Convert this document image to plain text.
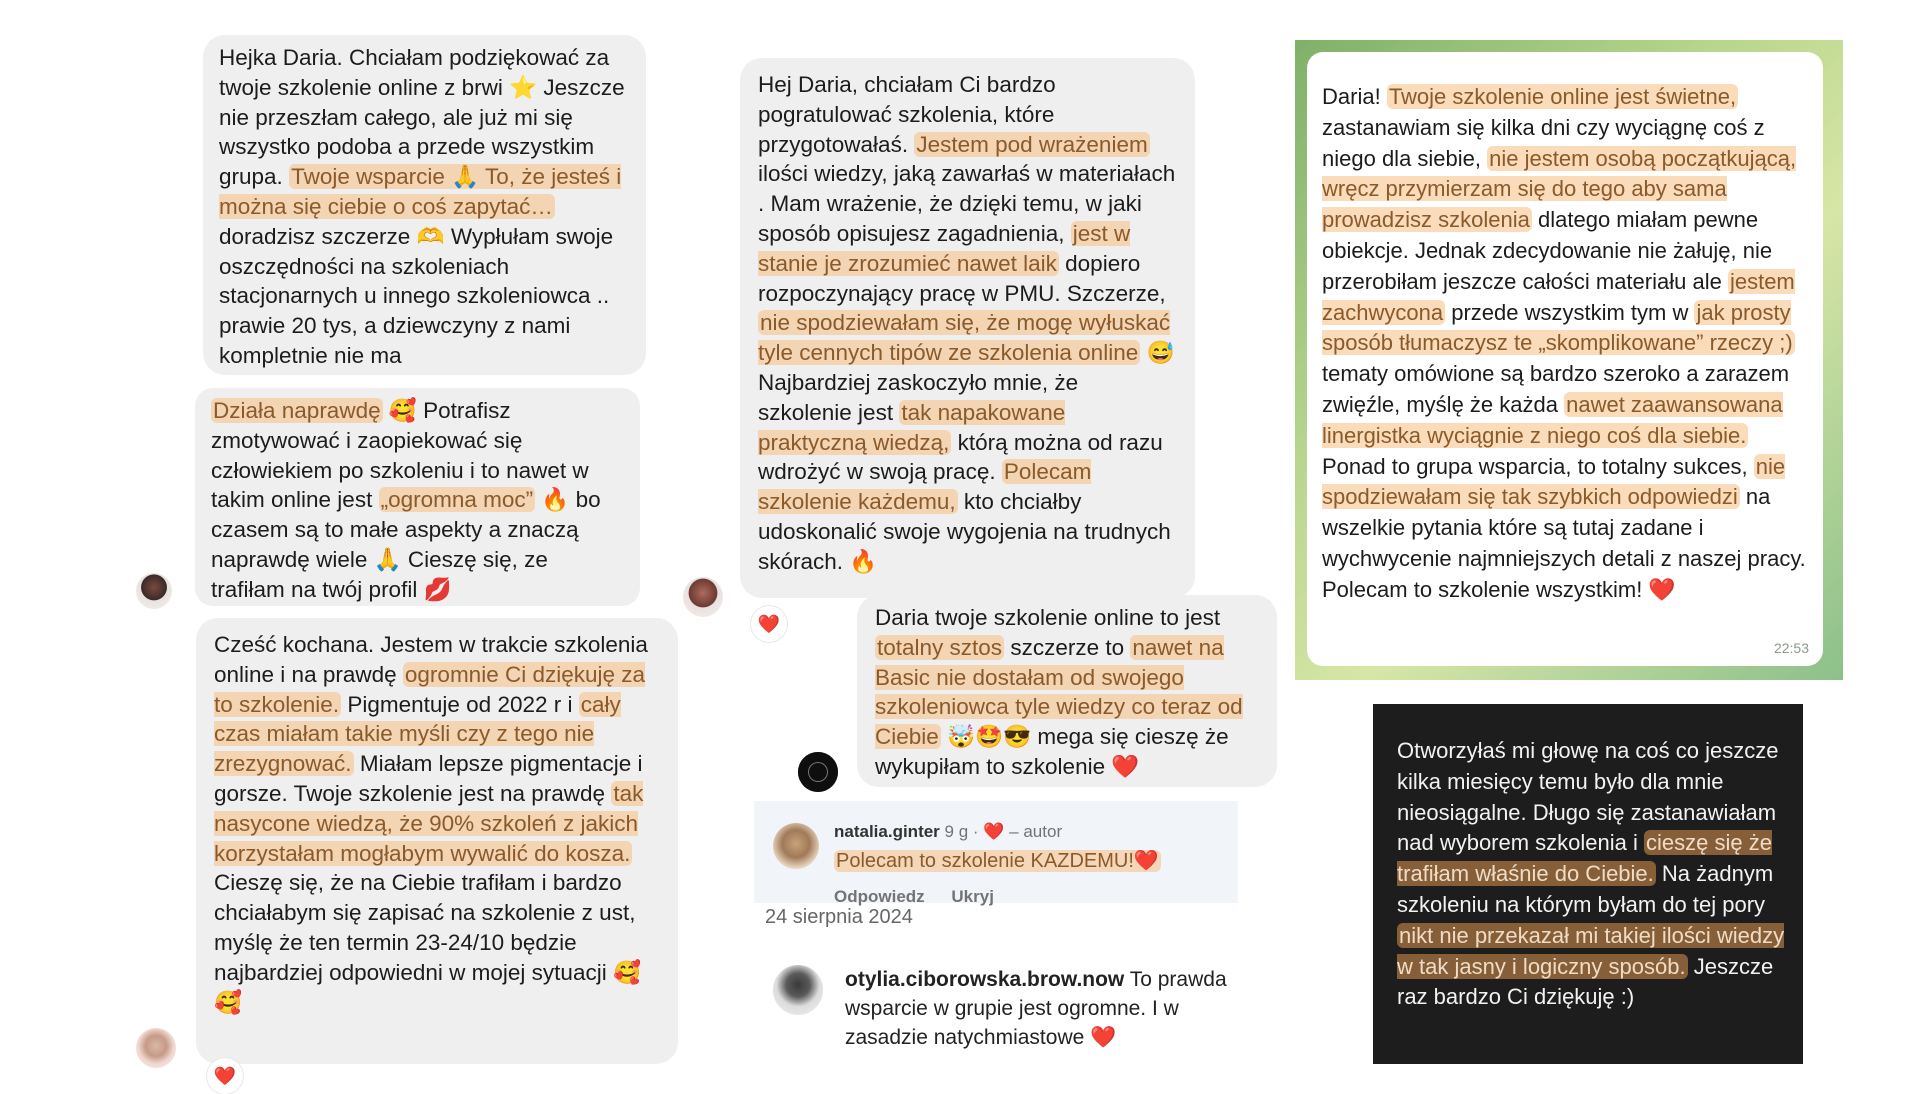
Hejka Daria. Chciałam podziękować za twoje szkolenie online z brwi ⭐ Jeszcze nie przeszłam całego, ale już mi się wszystko podoba a przede wszystkim grupa. Twoje wsparcie 🙏 To, że jesteś i można się ciebie o coś zapytać… doradzisz szczerze 🫶 Wypłułam swoje oszczędności na szkoleniach stacjonarnych u innego szkoleniowca .. prawie 20 tys, a dziewczyny z nami kompletnie nie ma

Działa naprawdę 🥰 Potrafisz zmotywować i zaopiekować się człowiekiem po szkoleniu i to nawet w takim online jest „ogromna moc” 🔥 bo czasem są to małe aspekty a znaczą naprawdę wiele 🙏 Cieszę się, ze trafiłam na twój profil 💋

Cześć kochana. Jestem w trakcie szkolenia online i na prawdę ogromnie Ci dziękuję za to szkolenie. Pigmentuje od 2022 r i cały czas miałam takie myśli czy z tego nie zrezygnować. Miałam lepsze pigmentacje i gorsze. Twoje szkolenie jest na prawdę tak nasycone wiedzą, że 90% szkoleń z jakich korzystałam mogłabym wywalić do kosza. Cieszę się, że na Ciebie trafiłam i bardzo chciałabym się zapisać na szkolenie z ust, myślę że ten termin 23-24/10 będzie najbardziej odpowiedni w mojej sytuacji 🥰🥰

❤️

Hej Daria, chciałam Ci bardzo pogratulować szkolenia, które przygotowałaś. Jestem pod wrażeniem ilości wiedzy, jaką zawarłaś w materiałach . Mam wrażenie, że dzięki temu, w jaki sposób opisujesz zagadnienia, jest w stanie je zrozumieć nawet laik dopiero rozpoczynający pracę w PMU. Szczerze, nie spodziewałam się, że mogę wyłuskać tyle cennych tipów ze szkolenia online 😅 Najbardziej zaskoczyło mnie, że szkolenie jest tak napakowane praktyczną wiedzą, którą można od razu wdrożyć w swoją pracę. Polecam szkolenie każdemu, kto chciałby udoskonalić swoje wygojenia na trudnych skórach. 🔥

❤️	Daria twoje szkolenie online to jest totalny sztos szczerze to nawet na Basic nie dostałam od swojego szkoleniowca tyle wiedzy co teraz od Ciebie 🤯🤩😎 mega się cieszę że wykupiłam to szkolenie ❤️

natalia.ginter 9 g · ❤️ – autor
Polecam to szkolenie KAZDEMU!❤️
Odpowiedz Ukryj
24 sierpnia 2024
otylia.ciborowska.brow.now To prawda wsparcie w grupie jest ogromne. I w zasadzie natychmiastowe ❤️

Daria! Twoje szkolenie online jest świetne, zastanawiam się kilka dni czy wyciągnę coś z niego dla siebie, nie jestem osobą początkującą, wręcz przymierzam się do tego aby sama prowadzisz szkolenia dlatego miałam pewne obiekcje. Jednak zdecydowanie nie żałuję, nie przerobiłam jeszcze całości materiału ale jestem zachwycona przede wszystkim tym w jak prosty sposób tłumaczysz te „skomplikowane” rzeczy ;) tematy omówione są bardzo szeroko a zarazem zwięźle, myślę że każda nawet zaawansowana linergistka wyciągnie z niego coś dla siebie. Ponad to grupa wsparcia, to totalny sukces, nie spodziewałam się tak szybkich odpowiedzi na wszelkie pytania które są tutaj zadane i wychwycenie najmniejszych detali z naszej pracy. Polecam to szkolenie wszystkim! ❤️

22:53

Otworzyłaś mi głowę na coś co jeszcze kilka miesięcy temu było dla mnie nieosiągalne. Długo się zastanawiałam nad wyborem szkolenia i cieszę się że trafiłam właśnie do Ciebie. Na żadnym szkoleniu na którym byłam do tej pory nikt nie przekazał mi takiej ilości wiedzy w tak jasny i logiczny sposób. Jeszcze raz bardzo Ci dziękuję :)
